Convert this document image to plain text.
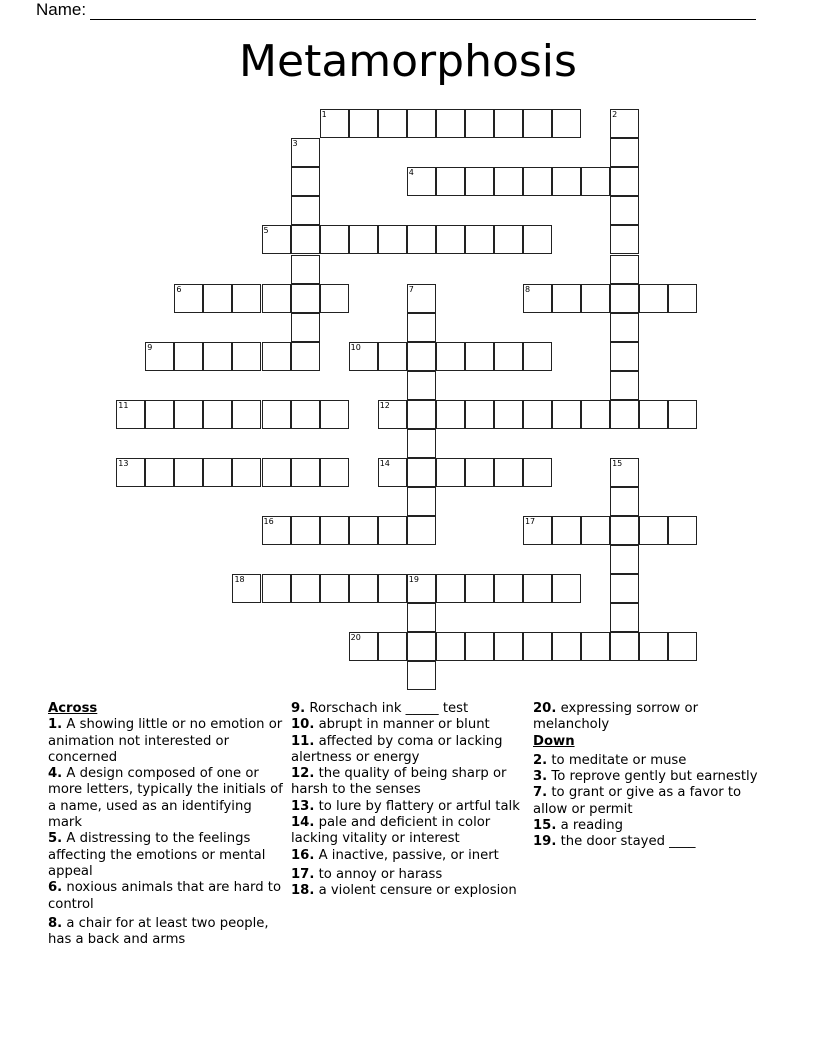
Name:
Metamorphosis
1	2
3
4
5
6	7	8
9	10
11	12
13	14	15
16	17
18	19
20

Across

1. A showing little or no emotion or animation not interested or concerned

4. A design composed of one or more letters, typically the initials of a name, used as an identifying mark

5. A distressing to the feelings affecting the emotions or mental appeal

6. noxious animals that are hard to control

8. a chair for at least two people, has a back and arms

9. Rorschach ink _____ test

10. abrupt in manner or blunt

11. affected by coma or lacking alertness or energy

12. the quality of being sharp or harsh to the senses

13. to lure by flattery or artful talk

14. pale and deficient in color lacking vitality or interest

16. A inactive, passive, or inert

17. to annoy or harass

18. a violent censure or explosion

20. expressing sorrow or melancholy

Down

2. to meditate or muse

3. To reprove gently but earnestly

7. to grant or give as a favor to allow or permit

15. a reading

19. the door stayed ____
